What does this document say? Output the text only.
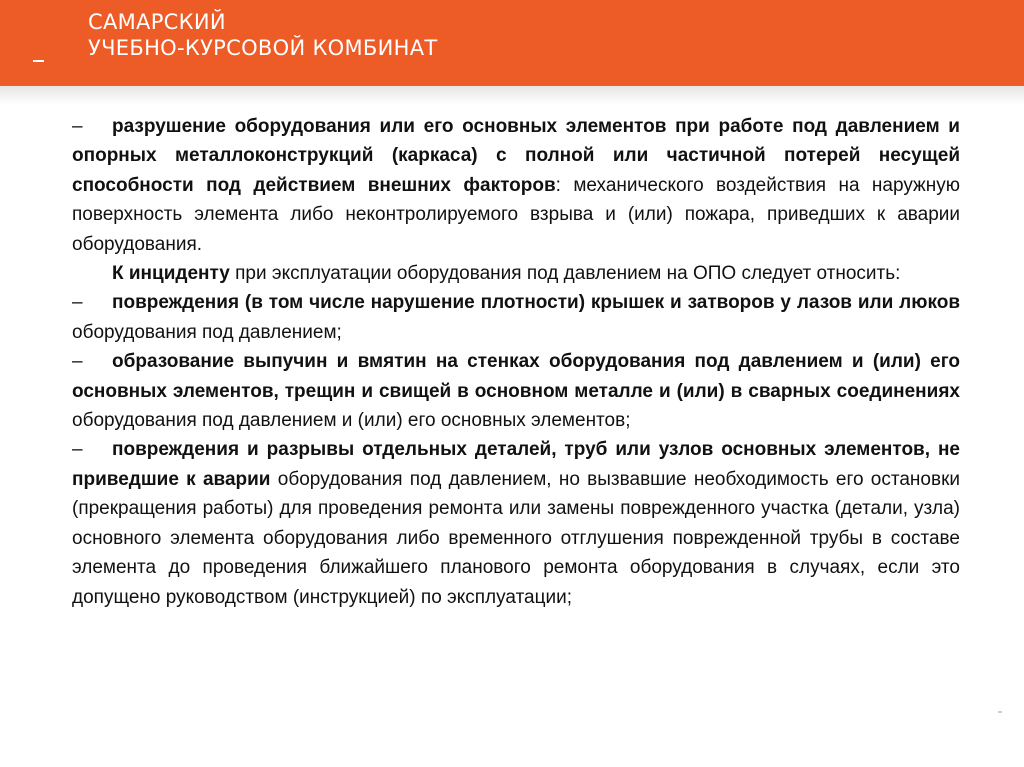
САМАРСКИЙ
УЧЕБНО-КУРСОВОЙ КОМБИНАТ

– разрушение оборудования или его основных элементов при работе под давлением и опорных металлоконструкций (каркаса) с полной или частичной потерей несущей способности под действием внешних факторов: механического воздействия на наружную поверхность элемента либо неконтролируемого взрыва и (или) пожара, приведших к аварии оборудования.

К инциденту при эксплуатации оборудования под давлением на ОПО следует относить:

– повреждения (в том числе нарушение плотности) крышек и затворов у лазов или люков оборудования под давлением;

– образование выпучин и вмятин на стенках оборудования под давлением и (или) его основных элементов, трещин и свищей в основном металле и (или) в сварных соединениях оборудования под давлением и (или) его основных элементов;

– повреждения и разрывы отдельных деталей, труб или узлов основных элементов, не приведшие к аварии оборудования под давлением, но вызвавшие необходимость его остановки (прекращения работы) для проведения ремонта или замены поврежденного участка (детали, узла) основного элемента оборудования либо временного отглушения поврежденной трубы в составе элемента до проведения ближайшего планового ремонта оборудования в случаях, если это допущено руководством (инструкцией) по эксплуатации;
